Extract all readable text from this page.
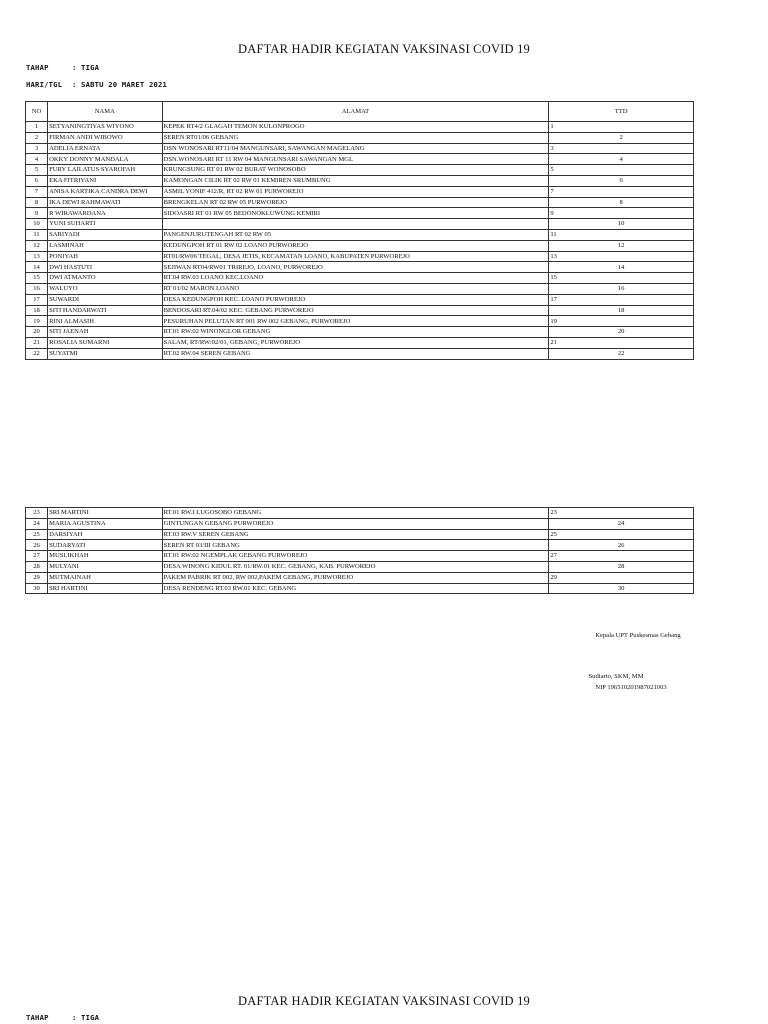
DAFTAR HADIR KEGIATAN VAKSINASI COVID 19
TAHAP	: TIGA
HARI/TGL : SABTU 20 MARET 2021
NO	NAMA	ALAMAT	TTD
1	SETYANINGTIYAS WIYONO	KEPEK RT4/2 GLAGAH TEMON KULONPROGO	1
2	FIRMAN ANDI WIBOWO	SEREN RT01/06 GEBANG	2
3	ADELIA ERNATA	DSN WONOSARI RT11/04 MANGUNSARI, SAWANGAN MAGELANG	3
4	OKKY DONNY MANDALA	DSN.WONOSARI RT 11 RW 04 MANGUNSARI SAWANGAN MGL	4
5	FURY LAILATUS SYAROFAH	KRUNGSUNG RT 01 RW 02 BURAT WONOSOBO	5
6	EKA FITRIYANI	KAMONGAN CILIK RT 02 RW 01 KEMIREN SRUMBUNG	6
7	ANISA KARTIKA CANDRA DEWI	ASMIL YONIF 412/R, RT 02 RW 01 PURWOREJO	7
8	IKA DEWI RAHMAWATI	BRENGKELAN RT 02 RW 05 PURWOREJO	8
9	R WIRAWARDANA	SIDOASRI RT 01 RW 05 BEDONOKLUWUNG KEMIRI	9
10	YUNI SUHARTI		10
11	SARIYADI	PANGENJURUTENGAH RT 02 RW 05	11
12	LASMINAH	KEDUNGPOH RT 01 RW 02 LOANO PURWOREJO	12
13	PONIYAH	RT01/RW06 TEGAL, DESA JETIS, KECAMATAN LOANO, KABUPATEN PURWOREJO	13
14	DWI HASTUTI	SEJIWAN RT04/RW01 TRIREJO, LOANO, PURWOREJO	14
15	DWI ATMANTO	RT.04 RW.03 LOANO KEC.LOANO	15
16	WALUYO	RT 01/02 MARON LOANO	16
17	SUWARDI	DESA KEDUNGPOH KEC. LOANO PURWOREJO	17
18	SITI HANDARWATI	BENDOSARI RT.04/02 KEC. GEBANG PURWOREJO	18
19	RINI ALMASIH	PESURUHAN PELUTAN RT 001 RW 002 GEBANG, PURWOREJO	19
20	SITI JAENAH	RT.01 RW.02 WINONGLOR GEBANG	20
21	ROSALIA SUMARNI	SALAM, RT/RW:02/01, GEBANG, PURWOREJO	21
22	SUYATMI	RT.02 RW.04 SEREN GEBANG	22
23	SRI MARTINI	RT.01 RW.I LUGOSOBO GEBANG	23
24	MARIA AGUSTINA	GINTUNGAN GEBANG PURWOREJO	24
25	DARSIYAH	RT.03 RW.V SEREN GEBANG	25
26	SUDARYATI	SEREN RT 03/III GEBANG	26
27	MUSLIKHAH	RT.01 RW.02 NGEMPLAK GEBANG PURWOREJO	27
28	MULYANI	DESA WINONG KIDUL RT. 01/RW.01 KEC. GEBANG, KAB. PURWOREJO	28
29	MUTMAINAH	PAKEM PABRIK RT 002, RW 002,PAKEM GEBANG, PURWOREJO	29
30	SRI HARTINI	DESA RENDENG RT.03 RW.01 KEC. GEBANG	30
Kepala UPT Puskesmas Gebang
Sudiarto, SKM, MM
NIP 196510201987021003
DAFTAR HADIR KEGIATAN VAKSINASI COVID 19
TAHAP	: TIGA
